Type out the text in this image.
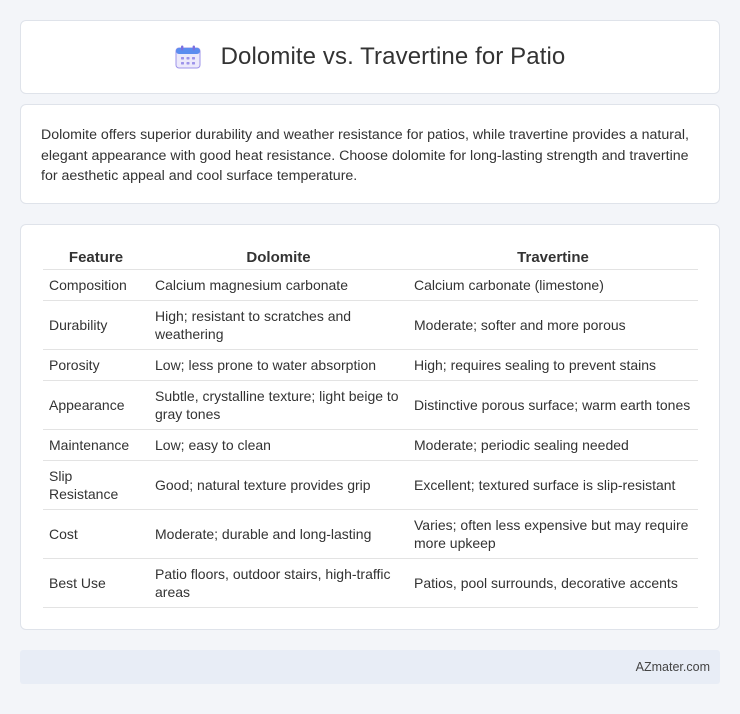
Dolomite vs. Travertine for Patio

Dolomite offers superior durability and weather resistance for patios, while travertine provides a natural, elegant appearance with good heat resistance. Choose dolomite for long-lasting strength and travertine for aesthetic appeal and cool surface temperature.

Feature	Dolomite	Travertine
Composition	Calcium magnesium carbonate	Calcium carbonate (limestone)
Durability	High; resistant to scratches and weathering	Moderate; softer and more porous
Porosity	Low; less prone to water absorption	High; requires sealing to prevent stains
Appearance	Subtle, crystalline texture; light beige to gray tones	Distinctive porous surface; warm earth tones
Maintenance	Low; easy to clean	Moderate; periodic sealing needed
Slip Resistance	Good; natural texture provides grip	Excellent; textured surface is slip-resistant
Cost	Moderate; durable and long-lasting	Varies; often less expensive but may require more upkeep
Best Use	Patio floors, outdoor stairs, high-traffic areas	Patios, pool surrounds, decorative accents
AZmater.com
